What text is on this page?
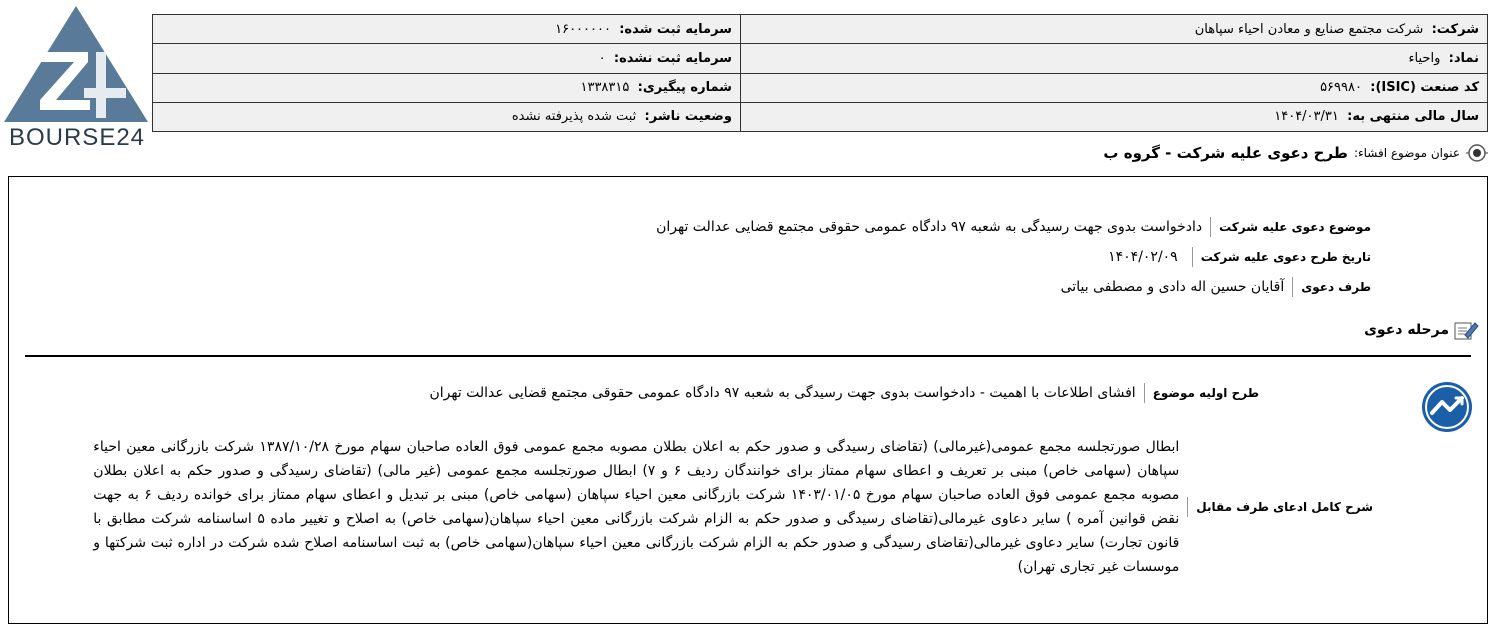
BOURSE24
شرکت:  شرکت مجتمع صنایع و معادن احیاء سپاهان	سرمایه ثبت شده:  ۱۶۰۰۰۰۰۰
نماد:  واحیاء	سرمایه ثبت نشده:  ۰
کد صنعت (ISIC):  ۵۶۹۹۸۰	شماره پیگیری:  ۱۳۳۸۳۱۵
سال مالی منتهی به:  ۱۴۰۴/۰۳/۳۱	وضعیت ناشر:  ثبت شده پذیرفته نشده
عنوان موضوع افشاء:
طرح دعوی علیه شرکت - گروه ب
موضوع دعوی علیه شرکت
دادخواست بدوی جهت رسیدگی به شعبه ۹۷ دادگاه عمومی حقوقی مجتمع قضایی عدالت تهران
تاریخ طرح دعوی علیه شرکت
۱۴۰۴/۰۲/۰۹
طرف دعوی
آقایان حسین اله دادی و مصطفی بیاتی
مرحله دعوی
طرح اولیه موضوع
افشای اطلاعات با اهمیت - دادخواست بدوی جهت رسیدگی به شعبه ۹۷ دادگاه عمومی حقوقی مجتمع قضایی عدالت تهران
شرح کامل ادعای طرف مقابل
ابطال صورتجلسه مجمع عمومی(غیرمالی) (تقاضای رسیدگی و صدور حکم به اعلان بطلان مصوبه مجمع عمومی فوق العاده صاحبان سهام مورخ ۱۳۸۷/۱۰/۲۸ شرکت بازرگانی معین احیاء سپاهان (سهامی خاص) مبنی بر تعریف و اعطای سهام ممتاز برای خوانندگان ردیف ۶ و ۷) ابطال صورتجلسه مجمع عمومی (غیر مالی) (تقاضای رسیدگی و صدور حکم به اعلان بطلان مصوبه مجمع عمومی فوق العاده صاحبان سهام مورخ ۱۴۰۳/۰۱/۰۵ شرکت بازرگانی معین احیاء سپاهان (سهامی خاص) مبنی بر تبدیل و اعطای سهام ممتاز برای خوانده ردیف ۶ به جهت نقض قوانین آمره ) سایر دعاوی غیرمالی(تقاضای رسیدگی و صدور حکم به الزام شرکت بازرگانی معین احیاء سپاهان(سهامی خاص) به اصلاح و تغییر ماده ۵ اساسنامه شرکت مطابق با قانون تجارت) سایر دعاوی غیرمالی(تقاضای رسیدگی و صدور حکم به الزام شرکت بازرگانی معین احیاء سپاهان(سهامی خاص) به ثبت اساسنامه اصلاح شده شرکت در اداره ثبت شرکتها و موسسات غیر تجاری تهران)
